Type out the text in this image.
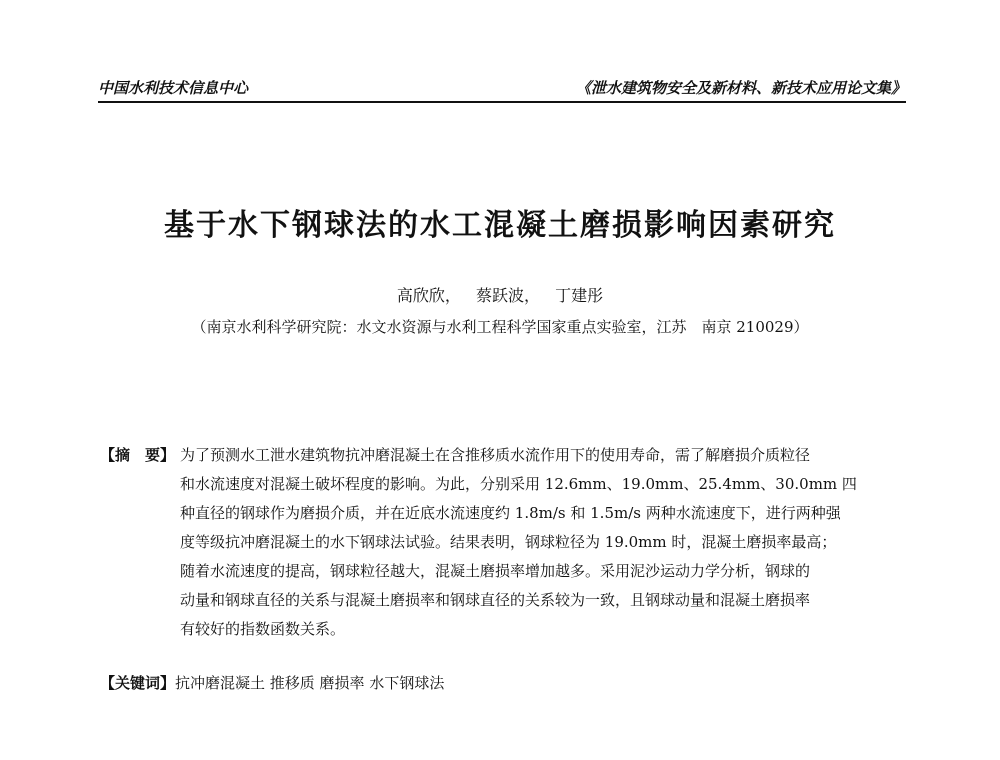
中国水利技术信息中心	《泄水建筑物安全及新材料、新技术应用论文集》
基于水下钢球法的水工混凝土磨损影响因素研究
高欣欣， 蔡跃波， 丁建彤
（南京水利科学研究院：水文水资源与水利工程科学国家重点实验室，江苏　南京 210029）
【摘　要】 为了预测水工泄水建筑物抗冲磨混凝土在含推移质水流作用下的使用寿命，需了解磨损介质粒径
和水流速度对混凝土破坏程度的影响。为此，分别采用 12.6mm、19.0mm、25.4mm、30.0mm 四
种直径的钢球作为磨损介质，并在近底水流速度约 1.8m/s 和 1.5m/s 两种水流速度下，进行两种强
度等级抗冲磨混凝土的水下钢球法试验。结果表明，钢球粒径为 19.0mm 时，混凝土磨损率最高；
随着水流速度的提高，钢球粒径越大，混凝土磨损率增加越多。采用泥沙运动力学分析，钢球的
动量和钢球直径的关系与混凝土磨损率和钢球直径的关系较为一致，且钢球动量和混凝土磨损率
有较好的指数函数关系。
【关键词】抗冲磨混凝土 推移质 磨损率 水下钢球法
